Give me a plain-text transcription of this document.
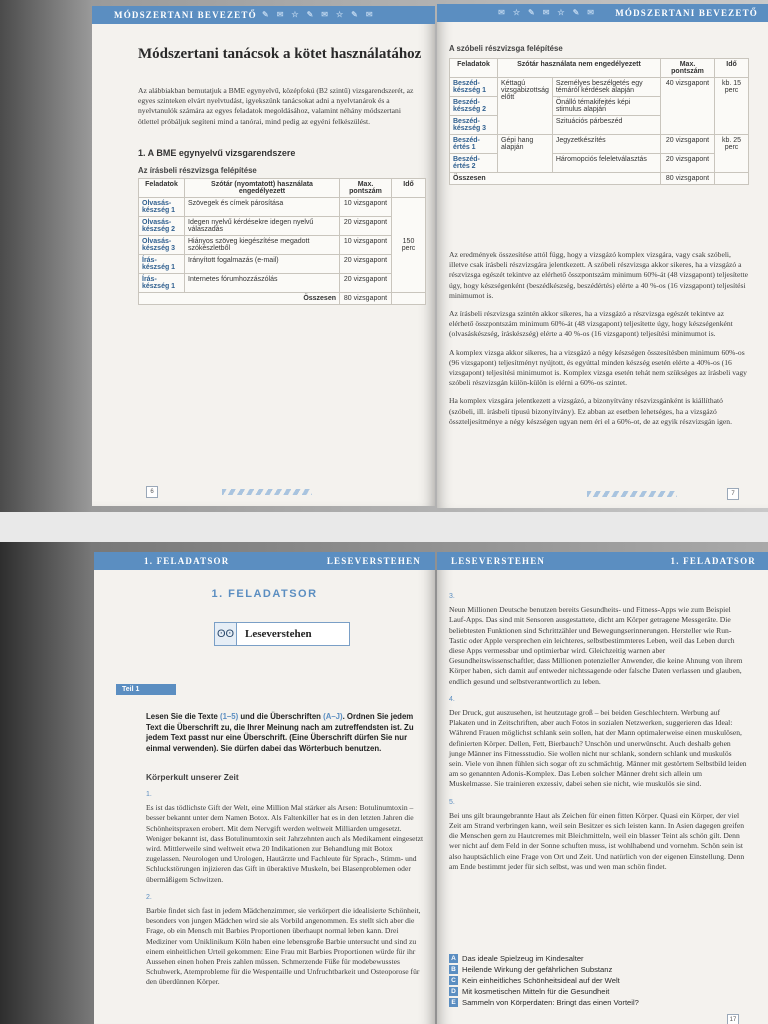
MÓDSZERTANI BEVEZETŐ ✎ ✉ ☆ ✎ ✉ ☆ ✎ ✉
Módszertani tanácsok a kötet használatához
Az alábbiakban bemutatjuk a BME egynyelvű, középfokú (B2 szintű) vizsgarendszerét, az egyes szinteken elvárt nyelvtudást, igyekszünk tanácsokat adni a nyelvtanárok és a nyelvtanulók számára az egyes feladatok megoldásához, valamint néhány módszertani ötlettel próbáljuk segíteni mind a tanórai, mind pedig az egyéni felkészülést.
1. A BME egynyelvű vizsgarendszere
Az írásbeli részvizsga felépítése
Feladatok	Szótár (nyomtatott) használata engedélyezett	Max. pontszám	Idő
Olvasás-készség 1	Szövegek és címek párosítása	10 vizsgapont	150 perc
Olvasás-készség 2	Idegen nyelvű kérdésekre idegen nyelvű válaszadás	20 vizsgapont	
Olvasás-készség 3	Hiányos szöveg kiegészítése megadott szókészletből	10 vizsgapont	
Írás-készség 1	Irányított fogalmazás (e-mail)	20 vizsgapont	
Írás-készség 1	Internetes fórumhozzászólás	20 vizsgapont	
Összesen		80 vizsgapont	
6
✉ ☆ ✎ ✉ ☆ ✎ ✉ MÓDSZERTANI BEVEZETŐ
A szóbeli részvizsga felépítése
Feladatok	Szótár használata nem engedélyezett		Max. pontszám	Idő
Beszéd-készség 1	Kéttagú vizsgabizottság előtt	Személyes beszélgetés egy témáról kérdések alapján	40 vizsgapont	kb. 15 perc
Beszéd-készség 2		Önálló témakifejtés képi stimulus alapján		
Beszéd-készség 3		Szituációs párbeszéd		
Beszéd-értés 1	Gépi hang alapján	Jegyzetkészítés	20 vizsgapont	kb. 25 perc
Beszéd-értés 2		Háromopciós feleletválasztás	20 vizsgapont	
Összesen			80 vizsgapont	

Az eredmények összesítése attól függ, hogy a vizsgázó komplex vizsgára, vagy csak szóbeli, illetve csak írásbeli részvizsgára jelentkezett. A szóbeli részvizsga akkor sikeres, ha a vizsgázó a részvizsga egészét tekintve az elérhető összpontszám minimum 60%-át (48 vizsgapont) teljesítette úgy, hogy készségenként (beszédkészség, beszédértés) elérte a 40 %-os (16 vizsgapont) teljesítési minimumot is.

Az írásbeli részvizsga szintén akkor sikeres, ha a vizsgázó a részvizsga egészét tekintve az elérhető összpontszám minimum 60%-át (48 vizsgapont) teljesítette úgy, hogy készségenként (olvasáskészség, íráskészség) elérte a 40 %-os (16 vizsgapont) teljesítési minimumot is.

A komplex vizsga akkor sikeres, ha a vizsgázó a négy készségen összesítésben minimum 60%-os (96 vizsgapont) teljesítményt nyújtott, és egyúttal minden készség esetén elérte a 40%-os (16 vizsgapont) teljesítési minimumot is. Komplex vizsga esetén tehát nem szükséges az írásbeli vagy szóbeli részvizsgán külön-külön is elérni a 60%-os szintet.

Ha komplex vizsgára jelentkezett a vizsgázó, a bizonyítvány részvizsgánként is kiállítható (szóbeli, ill. írásbeli típusú bizonyítvány). Ez abban az esetben lehetséges, ha a vizsgázó összteljesítménye a négy készségen ugyan nem éri el a 60%-ot, de az egyik részvizsgán igen.

7
1. FELADATSOR	LESEVERSTEHEN
1. FELADATSOR
ʘʘ Leseverstehen
Teil 1
Lesen Sie die Texte (1–5) und die Überschriften (A–J). Ordnen Sie jedem Text die Überschrift zu, die Ihrer Meinung nach am zutreffendsten ist. Zu jedem Text passt nur eine Überschrift. (Eine Überschrift dürfen Sie nur einmal verwenden). Sie dürfen dabei das Wörterbuch benutzen.
Körperkult unserer Zeit
1.

Es ist das tödlichste Gift der Welt, eine Million Mal stärker als Arsen: Botulinumtoxin – besser bekannt unter dem Namen Botox. Als Faltenkiller hat es in den letzten Jahren die Schönheitspraxen erobert. Mit dem Nervgift werden weltweit Milliarden umgesetzt. Weniger bekannt ist, dass Botulinumtoxin seit Jahrzehnten auch als Medikament eingesetzt wird. Mittlerweile sind weltweit etwa 20 Indikationen zur Behandlung mit Botox zugelassen. Neurologen und Urologen, Hautärzte und Fachleute für Sprach-, Stimm- und Schluckstörungen injizieren das Gift in überaktive Muskeln, bei Blasenproblemen oder übermäßigem Schwitzen.

2.

Barbie findet sich fast in jedem Mädchenzimmer, sie verkörpert die idealisierte Schönheit, besonders von jungen Mädchen wird sie als Vorbild angenommen. Es stellt sich aber die Frage, ob ein Mensch mit Barbies Proportionen überhaupt normal leben kann. Drei Mediziner vom Uniklinikum Köln haben eine lebensgroße Barbie untersucht und sind zu einem einheitlichen Urteil gekommen: Eine Frau mit Barbies Proportionen würde für ihr Aussehen einen hohen Preis zahlen müssen. Schmerzende Füße für modebewusstes Schuhwerk, Atemprobleme für die Wespentaille und Unfruchtbarkeit und Osteoporose für den überdünnen Körper.

LESEVERSTEHEN	1. FELADATSOR
3.

Neun Millionen Deutsche benutzen bereits Gesundheits- und Fitness-Apps wie zum Beispiel Lauf-Apps. Das sind mit Sensoren ausgestattete, dicht am Körper getragene Messgeräte. Die beliebtesten Funktionen sind Schrittzähler und Bewegungserinnerungen. Hersteller wie Run-Tastic oder Apple versprechen ein leichteres, selbstbestimmteres Leben, weil das Leben durch diese Apps vermessbar und optimierbar wird. Gleichzeitig warnen aber Gesundheitswissenschaftler, dass Millionen potenzieller Anwender, die keine Ahnung von ihrem Körper haben, sich damit auf entweder nichtssagende oder falsche Daten verlassen und glauben, endlich gesund und selbstverantwortlich zu leben.

4.

Der Druck, gut auszusehen, ist heutzutage groß – bei beiden Geschlechtern. Werbung auf Plakaten und in Zeitschriften, aber auch Fotos in sozialen Netzwerken, suggerieren das Ideal: Während Frauen möglichst schlank sein sollen, hat der Mann optimalerweise einen muskulösen, definierten Körper. Dellen, Fett, Bierbauch? Unschön und unerwünscht. Auch deshalb gehen junge Männer ins Fitnessstudio. Sie wollen nicht nur schlank, sondern schlank und muskulös sein. Viele von ihnen fühlen sich sogar oft zu schmächtig. Männer mit gestörtem Selbstbild leiden am so genannten Adonis-Komplex. Das Leben solcher Männer dreht sich allein um Muskelmasse. Sie trainieren exzessiv, dabei sehen sie nicht, wie muskulös sie sind.

5.

Bei uns gilt braungebrannte Haut als Zeichen für einen fitten Körper. Quasi ein Körper, der viel Zeit am Strand verbringen kann, weil sein Besitzer es sich leisten kann. In Asien dagegen greifen die Menschen gern zu Hautcremes mit Bleichmitteln, weil ein blasser Teint als schön gilt. Denn wer nicht auf dem Feld in der Sonne schuften muss, ist wohlhabend und vornehm. Schön sein ist also hauptsächlich eine Frage von Ort und Zeit. Und natürlich von der eigenen Einstellung. Denn am Ende bestimmt jeder für sich selbst, was und wen man schön findet.

A Das ideale Spielzeug im Kindesalter
B Heilende Wirkung der gefährlichen Substanz
C Kein einheitliches Schönheitsideal auf der Welt
D Mit kosmetischen Mitteln für die Gesundheit
E Sammeln von Körperdaten: Bringt das einen Vorteil?
17
